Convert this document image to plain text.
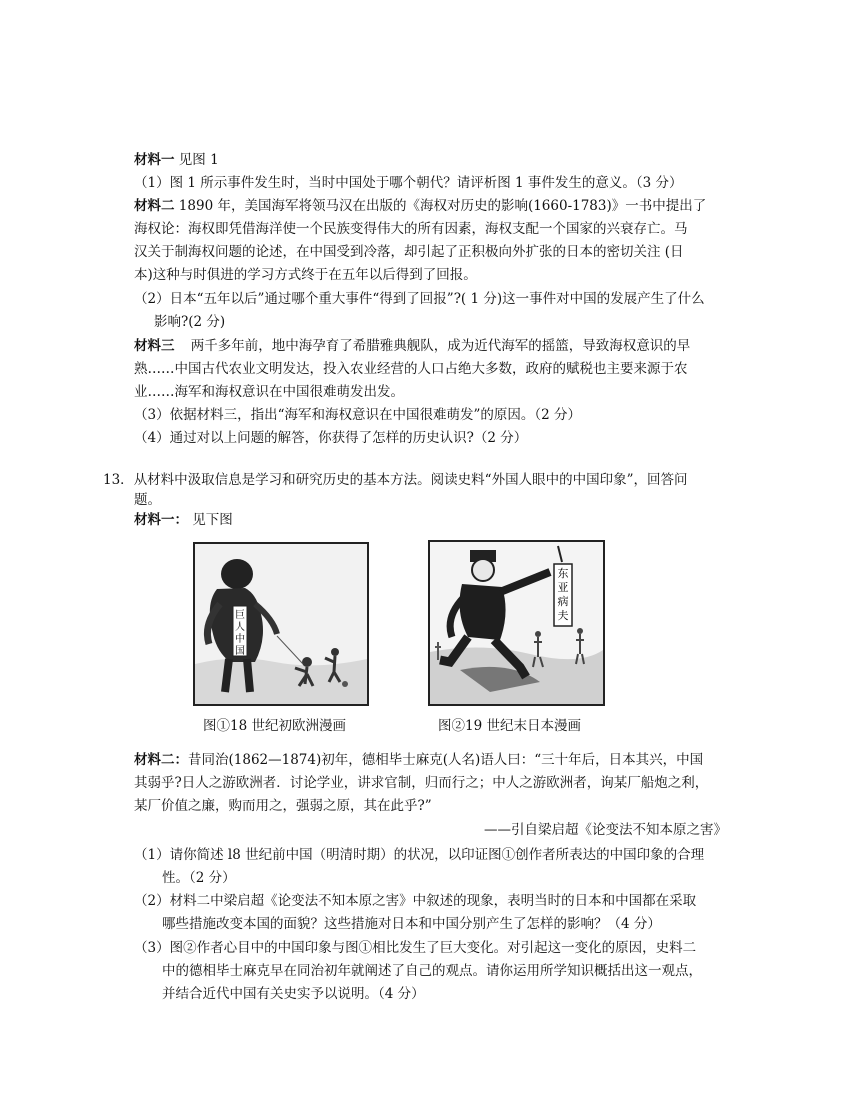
材料一 见图 1
（1）图 1 所示事件发生时，当时中国处于哪个朝代？请评析图 1 事件发生的意义。（3 分）
材料二 1890 年，美国海军将领马汉在出版的《海权对历史的影响(1660-1783)》一书中提出了
海权论：海权即凭借海洋使一个民族变得伟大的所有因素，海权支配一个国家的兴衰存亡。马
汉关于制海权问题的论述，在中国受到冷落，却引起了正积极向外扩张的日本的密切关注 (日
本)这种与时俱进的学习方式终于在五年以后得到了回报。
（2）日本“五年以后”通过哪个重大事件“得到了回报”?( 1 分)这一事件对中国的发展产生了什么
影响?(2 分)
材料三 两千多年前，地中海孕育了希腊雅典舰队，成为近代海军的摇篮，导致海权意识的早
熟……中国古代农业文明发达，投入农业经营的人口占绝大多数，政府的赋税也主要来源于农
业……海军和海权意识在中国很难萌发出发。
（3）依据材料三，指出“海军和海权意识在中国很难萌发”的原因。（2 分）
（4）通过对以上问题的解答，你获得了怎样的历史认识?（2 分）
13．从材料中汲取信息是学习和研究历史的基本方法。阅读史料“外国人眼中的中国印象”，回答问
题。
材料一： 见下图
巨
人
中
国
图①18 世纪初欧洲漫画
东
亚
病
夫
图②19 世纪末日本漫画
材料二：昔同治(1862—1874)初年，德相毕士麻克(人名)语人曰：“三十年后，日本其兴，中国
其弱乎?日人之游欧洲者．讨论学业，讲求官制，归而行之；中人之游欧洲者，询某厂船炮之利，
某厂价值之廉，购而用之，强弱之原，其在此乎?”
——引自梁启超《论变法不知本原之害》
（1）请你简述 l8 世纪前中国（明清时期）的状况，以印证图①创作者所表达的中国印象的合理
性。（2 分）
（2）材料二中梁启超《论变法不知本原之害》中叙述的现象，表明当时的日本和中国都在采取
哪些措施改变本国的面貌？这些措施对日本和中国分别产生了怎样的影响？（4 分）
（3）图②作者心目中的中国印象与图①相比发生了巨大变化。对引起这一变化的原因，史料二
中的德相毕士麻克早在同治初年就阐述了自己的观点。请你运用所学知识概括出这一观点，
并结合近代中国有关史实予以说明。（4 分）
